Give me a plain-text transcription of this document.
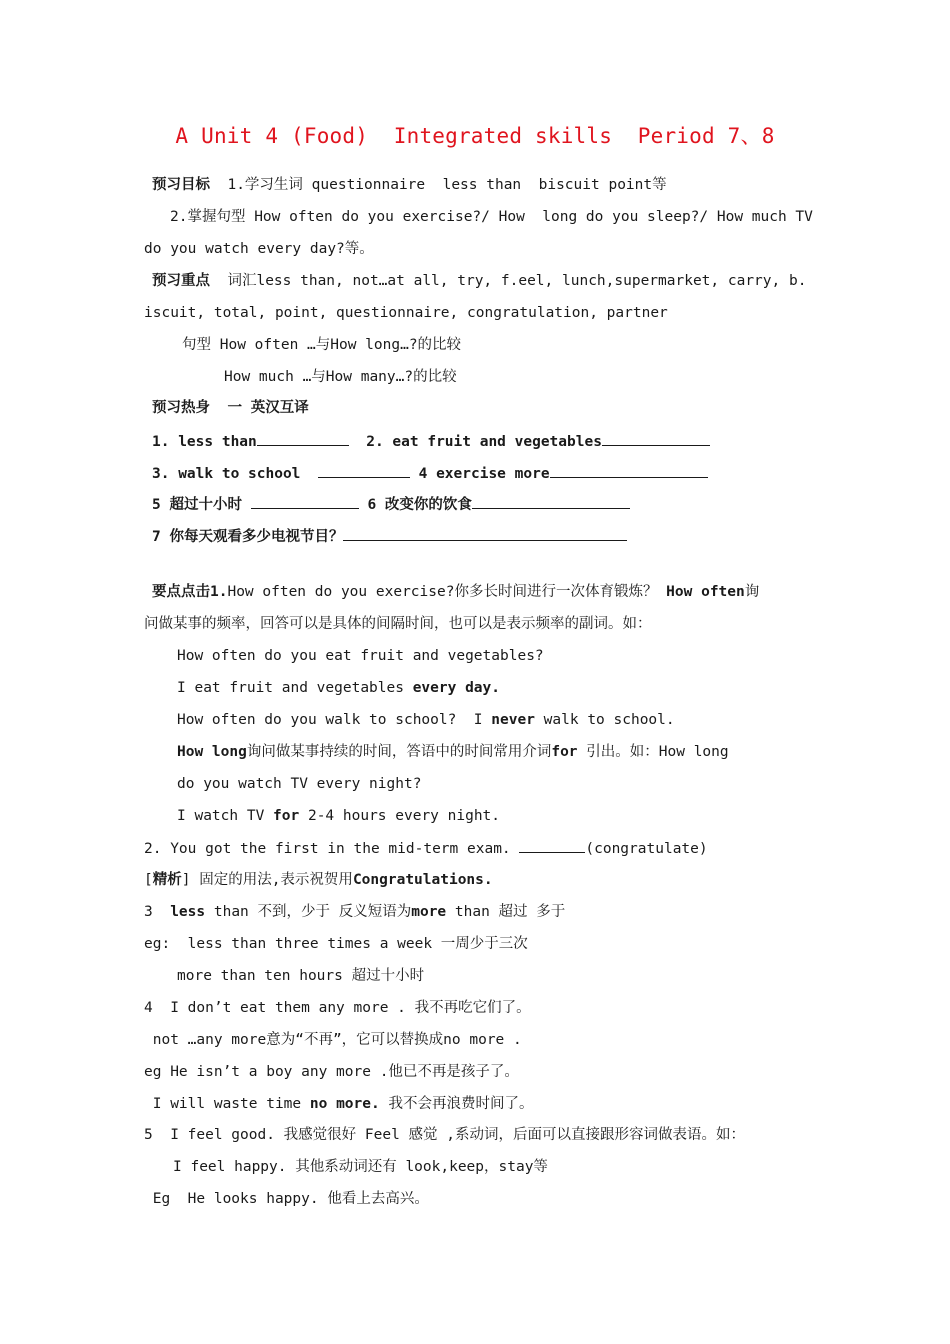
A Unit 4 (Food)  Integrated skills  Period 7、8
预习目标  1.学习生词 questionnaire  less than  biscuit point等
2.掌握句型 How often do you exercise?/ How  long do you sleep?/ How much TV
do you watch every day?等。
预习重点  词汇less than, not…at all, try, f.eel, lunch,supermarket, carry, b.
iscuit, total, point, questionnaire, congratulation, partner
句型 How often …与How long…?的比较
How much …与How many…?的比较
预习热身  一 英汉互译
1. less than	2. eat fruit and vegetables
3. walk to school	4 exercise more
5 超过十小时	6 改变你的饮食
7 你每天观看多少电视节目？
要点点击1.How often do you exercise?你多长时间进行一次体育锻炼？ How often询
问做某事的频率，回答可以是具体的间隔时间，也可以是表示频率的副词。如：
How often do you eat fruit and vegetables?
I eat fruit and vegetables every day.
How often do you walk to school?  I never walk to school.
How long询问做某事持续的时间，答语中的时间常用介词for 引出。如：How long
do you watch TV every night?
I watch TV for 2-4 hours every night.
2. You got the first in the mid-term exam.	(congratulate)
[精析] 固定的用法,表示祝贺用Congratulations.
3  less than 不到，少于 反义短语为more than 超过 多于
eg:  less than three times a week 一周少于三次
more than ten hours 超过十小时
4  I don’t eat them any more . 我不再吃它们了。
not …any more意为“不再”，它可以替换成no more .
eg He isn’t a boy any more .他已不再是孩子了。
I will waste time no more. 我不会再浪费时间了。
5  I feel good. 我感觉很好 Feel 感觉 ,系动词，后面可以直接跟形容词做表语。如：
I feel happy. 其他系动词还有 look,keep，stay等
Eg  He looks happy. 他看上去高兴。
